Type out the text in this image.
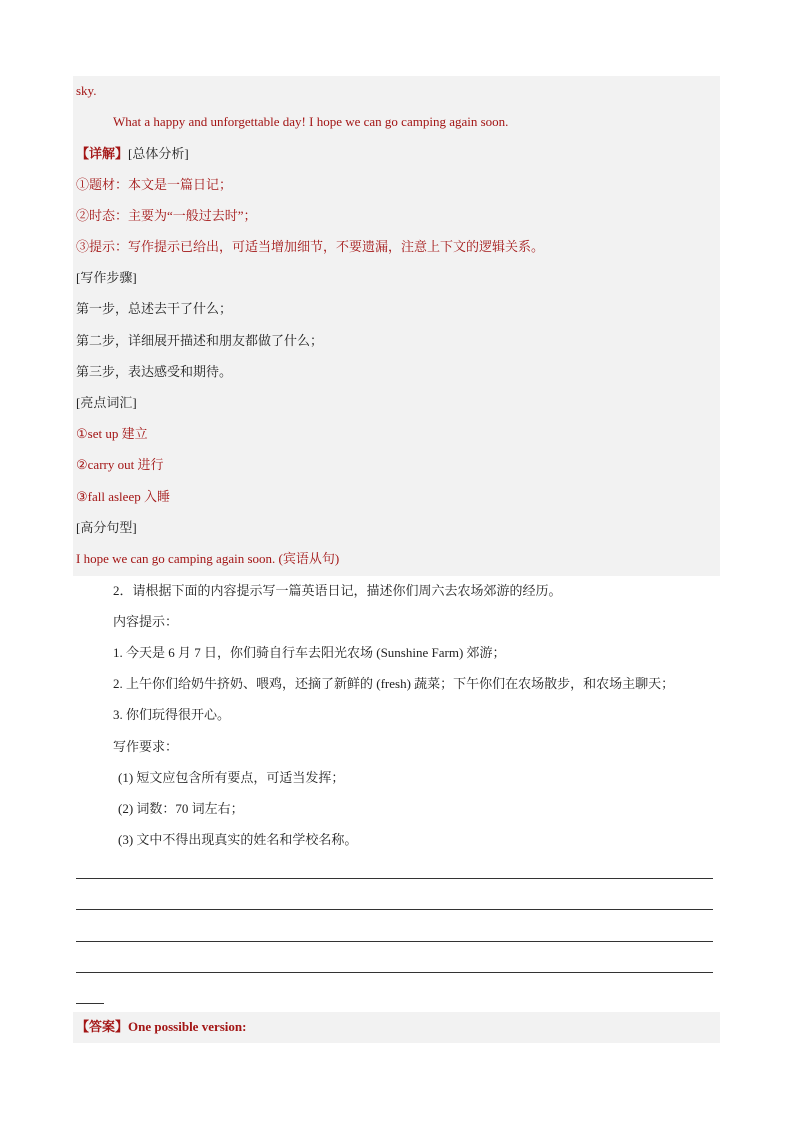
sky.
What a happy and unforgettable day! I hope we can go camping again soon.
【详解】[总体分析]
①题材：本文是一篇日记；
②时态：主要为“一般过去时”；
③提示：写作提示已给出，可适当增加细节，不要遗漏，注意上下文的逻辑关系。
[写作步骤]
第一步，总述去干了什么；
第二步，详细展开描述和朋友都做了什么；
第三步，表达感受和期待。
[亮点词汇]
①set up 建立
②carry out 进行
③fall asleep 入睡
[高分句型]
I hope we can go camping again soon. (宾语从句)
2．请根据下面的内容提示写一篇英语日记，描述你们周六去农场郊游的经历。
内容提示：
1. 今天是 6 月 7 日，你们骑自行车去阳光农场 (Sunshine Farm) 郊游；
2. 上午你们给奶牛挤奶、喂鸡，还摘了新鲜的 (fresh) 蔬菜；下午你们在农场散步，和农场主聊天；
3. 你们玩得很开心。
写作要求：
(1) 短文应包含所有要点，可适当发挥；
(2) 词数：70 词左右；
(3) 文中不得出现真实的姓名和学校名称。
【答案】One possible version:
